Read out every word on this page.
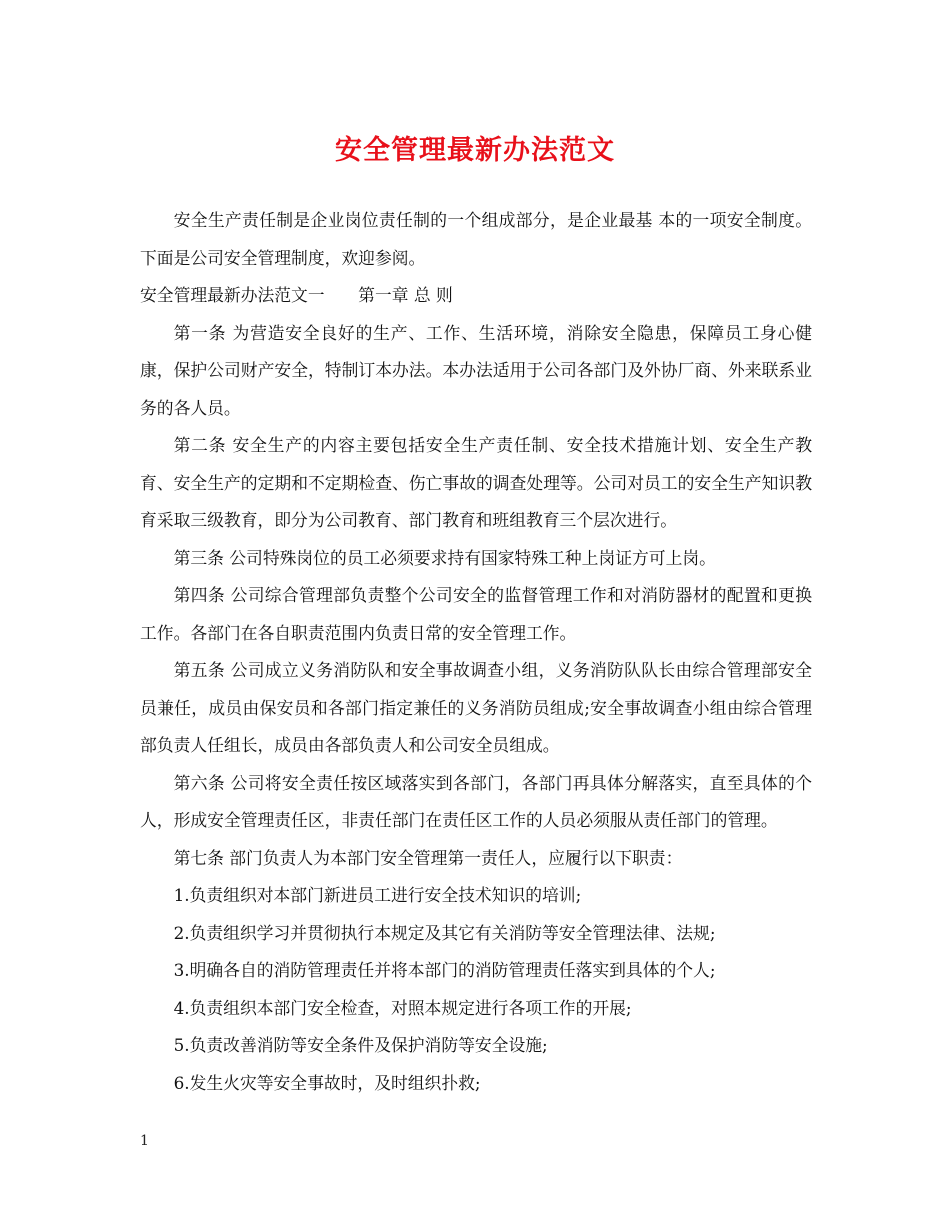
安全管理最新办法范文

安全生产责任制是企业岗位责任制的一个组成部分，是企业最基 本的一项安全制度。下面是公司安全管理制度，欢迎参阅。

安全管理最新办法范文一　　第一章 总 则

第一条 为营造安全良好的生产、工作、生活环境，消除安全隐患，保障员工身心健康，保护公司财产安全，特制订本办法。本办法适用于公司各部门及外协厂商、外来联系业务的各人员。

第二条 安全生产的内容主要包括安全生产责任制、安全技术措施计划、安全生产教育、安全生产的定期和不定期检查、伤亡事故的调查处理等。公司对员工的安全生产知识教育采取三级教育，即分为公司教育、部门教育和班组教育三个层次进行。

第三条 公司特殊岗位的员工必须要求持有国家特殊工种上岗证方可上岗。

第四条 公司综合管理部负责整个公司安全的监督管理工作和对消防器材的配置和更换工作。各部门在各自职责范围内负责日常的安全管理工作。

第五条 公司成立义务消防队和安全事故调查小组，义务消防队队长由综合管理部安全员兼任，成员由保安员和各部门指定兼任的义务消防员组成;安全事故调查小组由综合管理部负责人任组长，成员由各部负责人和公司安全员组成。

第六条 公司将安全责任按区域落实到各部门，各部门再具体分解落实，直至具体的个人，形成安全管理责任区，非责任部门在责任区工作的人员必须服从责任部门的管理。

第七条 部门负责人为本部门安全管理第一责任人，应履行以下职责：

1.负责组织对本部门新进员工进行安全技术知识的培训;

2.负责组织学习并贯彻执行本规定及其它有关消防等安全管理法律、法规;

3.明确各自的消防管理责任并将本部门的消防管理责任落实到具体的个人;

4.负责组织本部门安全检查，对照本规定进行各项工作的开展;

5.负责改善消防等安全条件及保护消防等安全设施;

6.发生火灾等安全事故时，及时组织扑救;

1
